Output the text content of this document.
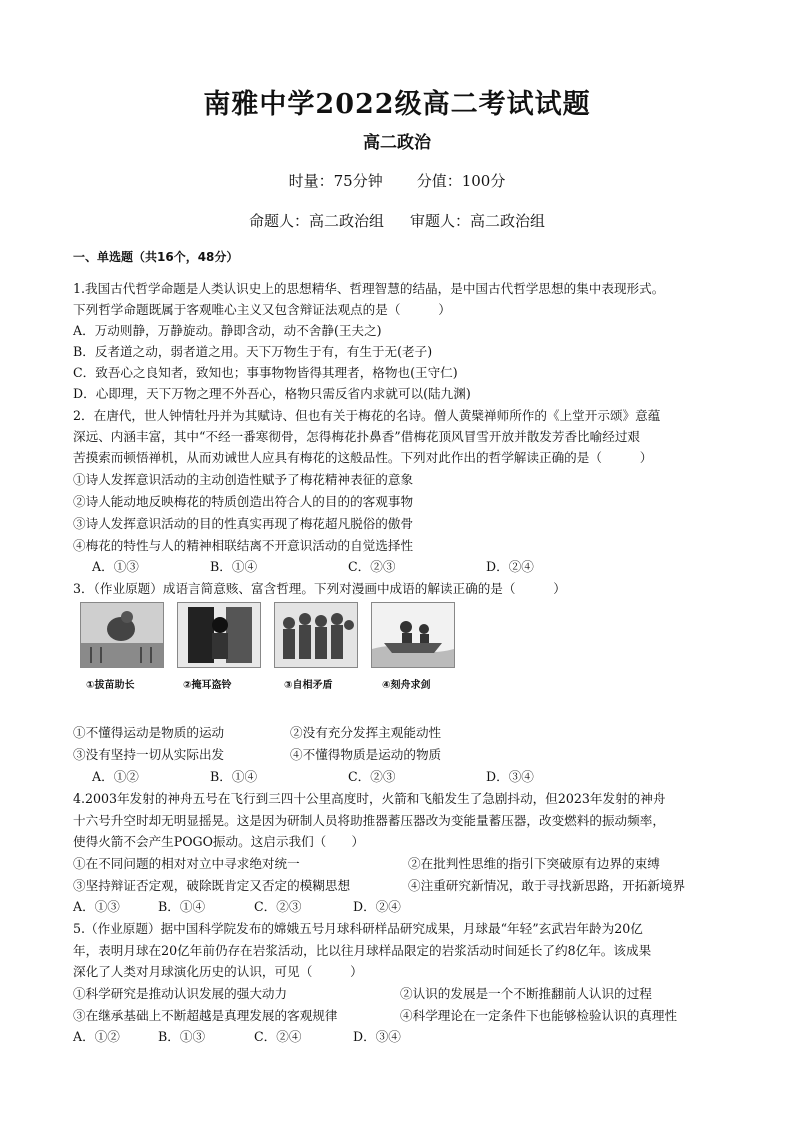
南雅中学2022级高二考试试题
高二政治
时量：75分钟 分值：100分
命题人：高二政治组 审题人：高二政治组
一、单选题（共16个，48分）
1.我国古代哲学命题是人类认识史上的思想精华、哲理智慧的结晶，是中国古代哲学思想的集中表现形式。
下列哲学命题既属于客观唯心主义又包含辩证法观点的是（　　　）
A．万动则静，万静旋动。静即含动，动不舍静(王夫之)
B．反者道之动，弱者道之用。天下万物生于有，有生于无(老子)
C．致吾心之良知者，致知也；事事物物皆得其理者，格物也(王守仁)
D．心即理，天下万物之理不外吾心，格物只需反省内求就可以(陆九渊)
2．在唐代，世人钟情牡丹并为其赋诗、但也有关于梅花的名诗。僧人黄檗禅师所作的《上堂开示颂》意蕴
深远、内涵丰富，其中“不经一番寒彻骨，怎得梅花扑鼻香”借梅花顶风冒雪开放并散发芳香比喻经过艰
苦摸索而顿悟禅机，从而劝诫世人应具有梅花的这般品性。下列对此作出的哲学解读正确的是（　　　）
①诗人发挥意识活动的主动创造性赋予了梅花精神表征的意象
②诗人能动地反映梅花的特质创造出符合人的目的的客观事物
③诗人发挥意识活动的目的性真实再现了梅花超凡脱俗的傲骨
④梅花的特性与人的精神相联结离不开意识活动的自觉选择性
A．①③	B．①④	C．②③	D．②④
3．（作业原题）成语言简意赅、富含哲理。下列对漫画中成语的解读正确的是（　　　）
①拔苗助长	②掩耳盗铃	③自相矛盾	④刻舟求剑
①不懂得运动是物质的运动	②没有充分发挥主观能动性
③没有坚持一切从实际出发	④不懂得物质是运动的物质
A．①②	B．①④	C．②③	D．③④
4.2003年发射的神舟五号在飞行到三四十公里高度时，火箭和飞船发生了急剧抖动，但2023年发射的神舟
十六号升空时却无明显摇晃。这是因为研制人员将助推器蓄压器改为变能量蓄压器，改变燃料的振动频率，
使得火箭不会产生POGO振动。这启示我们（　　）
①在不同问题的相对对立中寻求绝对统一	②在批判性思维的指引下突破原有边界的束缚
③坚持辩证否定观，破除既肯定又否定的模糊思想	④注重研究新情况，敢于寻找新思路，开拓新境界
A．①③	B．①④	C．②③	D．②④
5.（作业原题）据中国科学院发布的嫦娥五号月球科研样品研究成果，月球最“年轻”玄武岩年龄为20亿
年，表明月球在20亿年前仍存在岩浆活动，比以往月球样品限定的岩浆活动时间延长了约8亿年。该成果
深化了人类对月球演化历史的认识，可见（　　　）
①科学研究是推动认识发展的强大动力	②认识的发展是一个不断推翻前人认识的过程
③在继承基础上不断超越是真理发展的客观规律	④科学理论在一定条件下也能够检验认识的真理性
A．①②	B．①③	C．②④	D．③④
